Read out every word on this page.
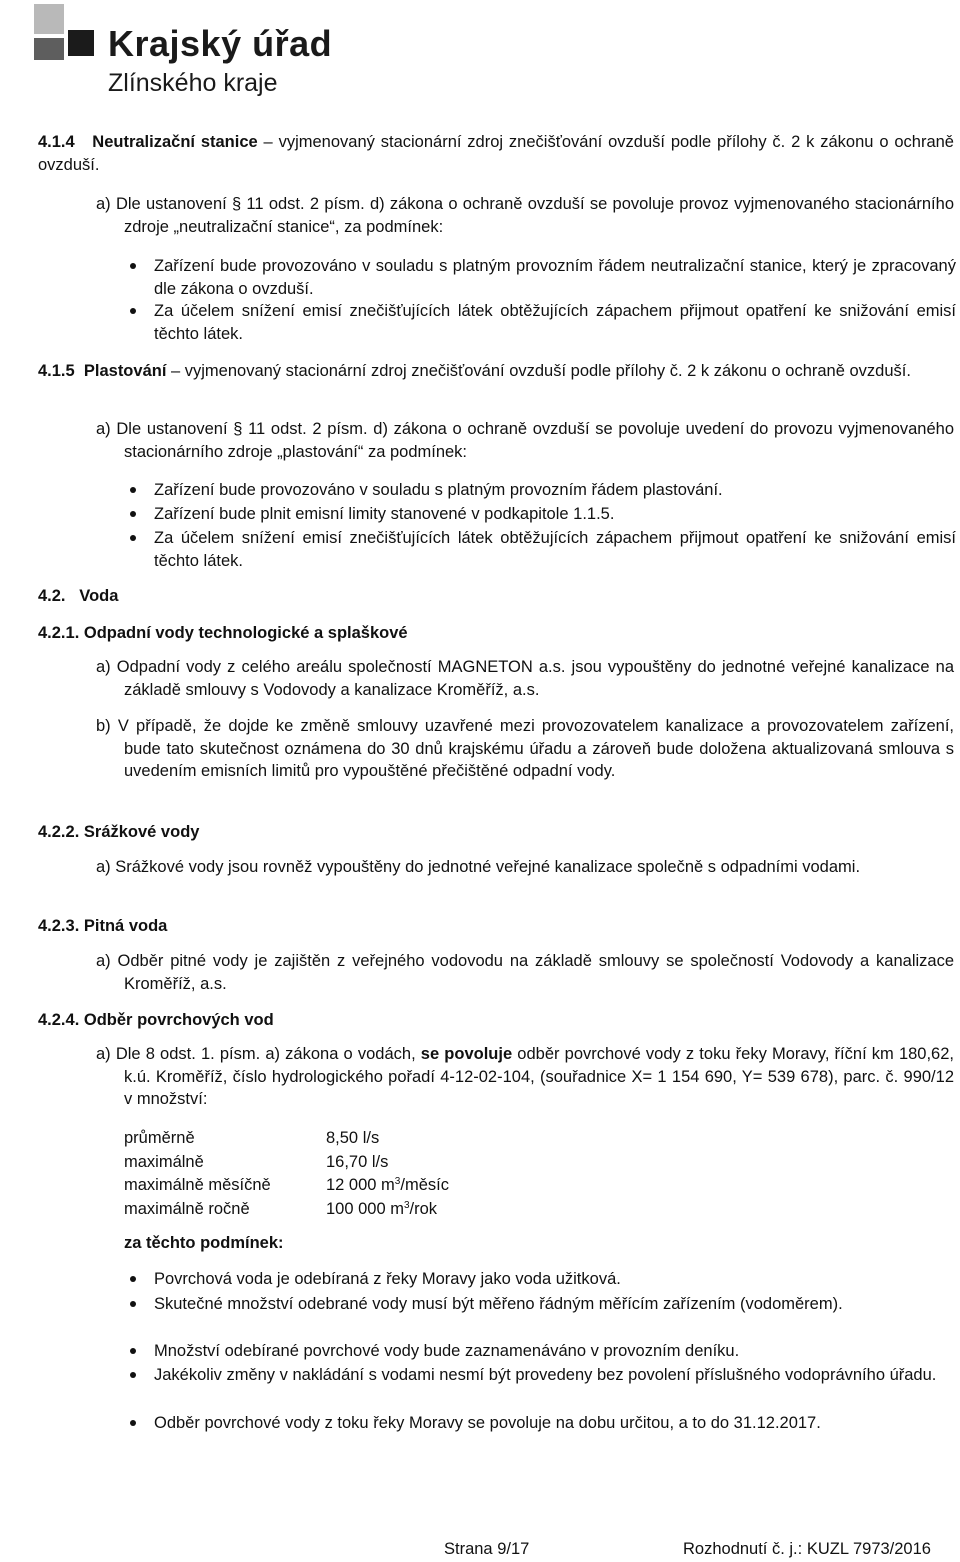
Krajský úřad
Zlínského kraje
4.1.4 Neutralizační stanice – vyjmenovaný stacionární zdroj znečišťování ovzduší podle přílohy č. 2 k zákonu o ochraně ovzduší.
a) Dle ustanovení § 11 odst. 2 písm. d) zákona o ochraně ovzduší se povoluje provoz vyjmenovaného stacionárního zdroje „neutralizační stanice“, za podmínek:
Zařízení bude provozováno v souladu s platným provozním řádem neutralizační stanice, který je zpracovaný dle zákona o ovzduší.
Za účelem snížení emisí znečišťujících látek obtěžujících zápachem přijmout opatření ke snižování emisí těchto látek.
4.1.5 Plastování – vyjmenovaný stacionární zdroj znečišťování ovzduší podle přílohy č. 2 k zákonu o ochraně ovzduší.
a) Dle ustanovení § 11 odst. 2 písm. d) zákona o ochraně ovzduší se povoluje uvedení do provozu vyjmenovaného stacionárního zdroje „plastování“ za podmínek:
Zařízení bude provozováno v souladu s platným provozním řádem plastování.
Zařízení bude plnit emisní limity stanovené v podkapitole 1.1.5.
Za účelem snížení emisí znečišťujících látek obtěžujících zápachem přijmout opatření ke snižování emisí těchto látek.
4.2. Voda
4.2.1. Odpadní vody technologické a splaškové
a) Odpadní vody z celého areálu společností MAGNETON a.s. jsou vypouštěny do jednotné veřejné kanalizace na základě smlouvy s Vodovody a kanalizace Kroměříž, a.s.
b) V případě, že dojde ke změně smlouvy uzavřené mezi provozovatelem kanalizace a provozovatelem zařízení, bude tato skutečnost oznámena do 30 dnů krajskému úřadu a zároveň bude doložena aktualizovaná smlouva s uvedením emisních limitů pro vypouštěné přečištěné odpadní vody.
4.2.2. Srážkové vody
a) Srážkové vody jsou rovněž vypouštěny do jednotné veřejné kanalizace společně s odpadními vodami.
4.2.3. Pitná voda
a) Odběr pitné vody je zajištěn z veřejného vodovodu na základě smlouvy se společností Vodovody a kanalizace Kroměříž, a.s.
4.2.4. Odběr povrchových vod
a) Dle 8 odst. 1. písm. a) zákona o vodách, se povoluje odběr povrchové vody z toku řeky Moravy, říční km 180,62, k.ú. Kroměříž, číslo hydrologického pořadí 4-12-02-104, (souřadnice X= 1 154 690, Y= 539 678), parc. č. 990/12 v množství:
průměrně	8,50 l/s
maximálně	16,70 l/s
maximálně měsíčně	12 000 $m^3$/měsíc
maximálně ročně	100 000 $m^3$/rok
za těchto podmínek:
Povrchová voda je odebíraná z řeky Moravy jako voda užitková.
Skutečné množství odebrané vody musí být měřeno řádným měřícím zařízením (vodoměrem).
Množství odebírané povrchové vody bude zaznamenáváno v provozním deníku.
Jakékoliv změny v nakládání s vodami nesmí být provedeny bez povolení příslušného vodoprávního úřadu.
Odběr povrchové vody z toku řeky Moravy se povoluje na dobu určitou, a to do 31.12.2017.
Strana 9/17	Rozhodnutí č. j.: KUZL 7973/2016
